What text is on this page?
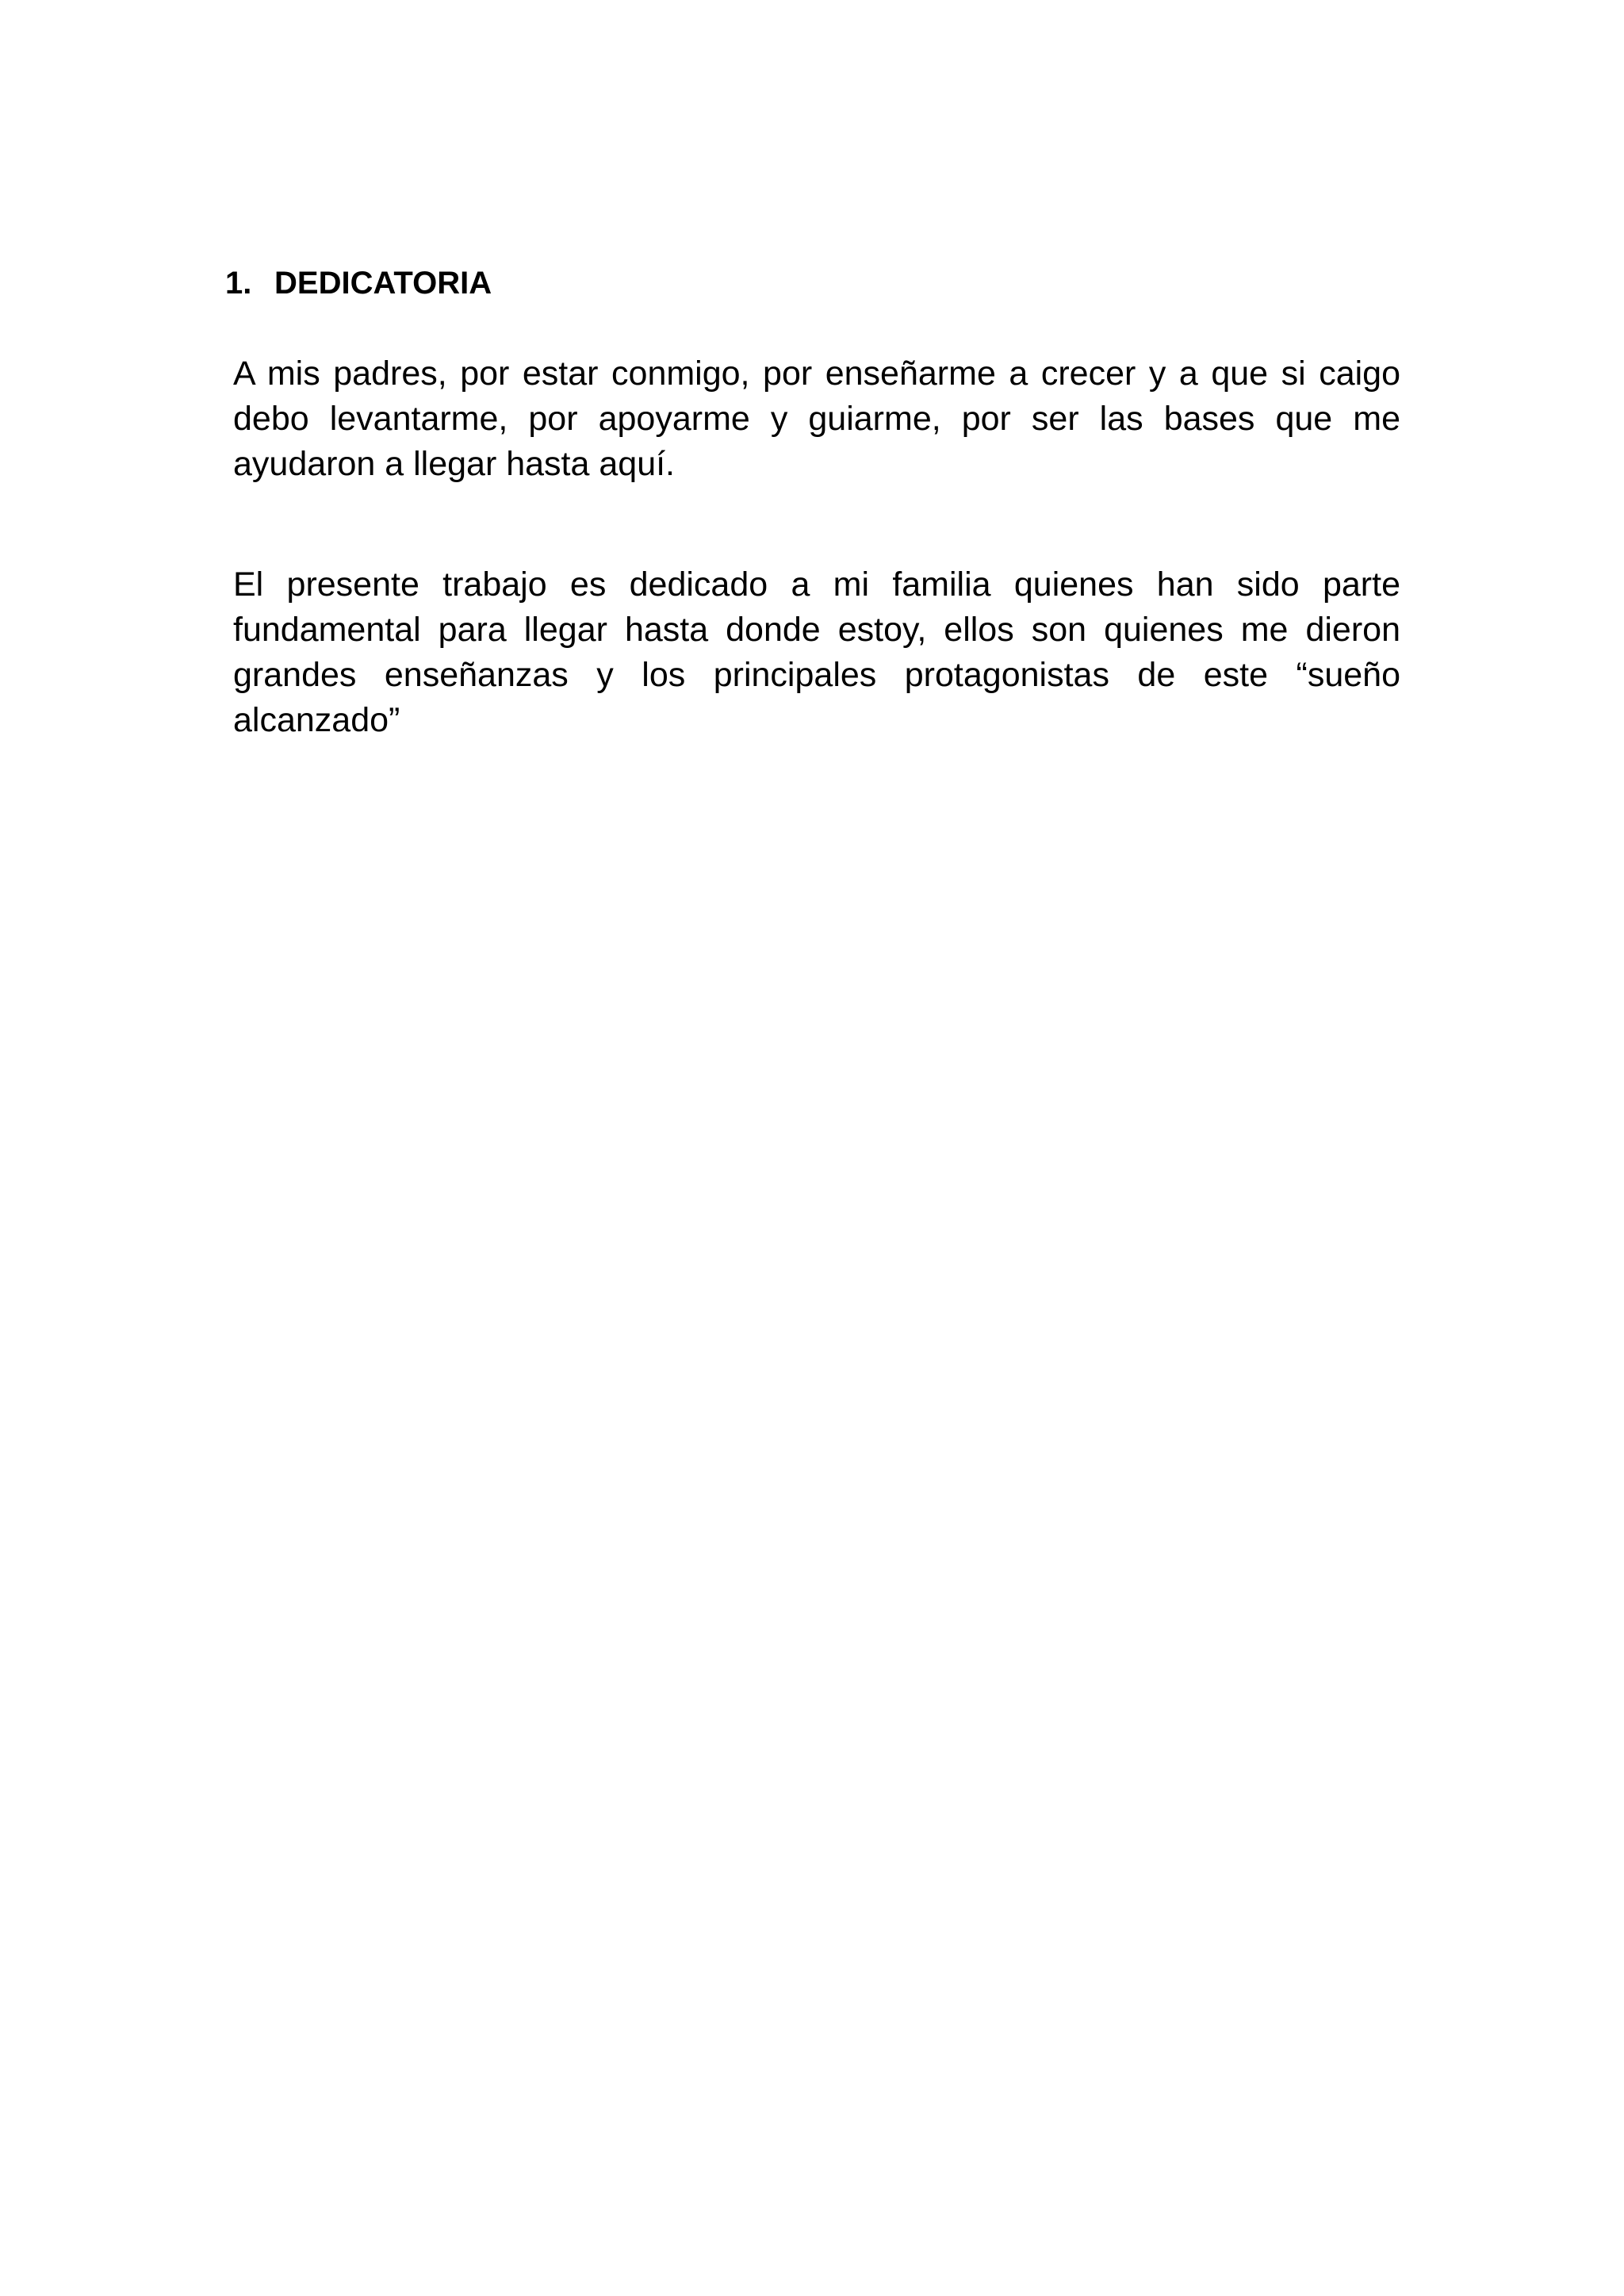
1. DEDICATORIA

A mis padres, por estar conmigo, por enseñarme a crecer y a que si caigo debo levantarme, por apoyarme y guiarme, por ser las bases que me ayudaron a llegar hasta aquí.

El presente trabajo es dedicado a mi familia quienes han sido parte fundamental para llegar hasta donde estoy, ellos son quienes me dieron grandes enseñanzas y los principales protagonistas de este “sueño alcanzado”
